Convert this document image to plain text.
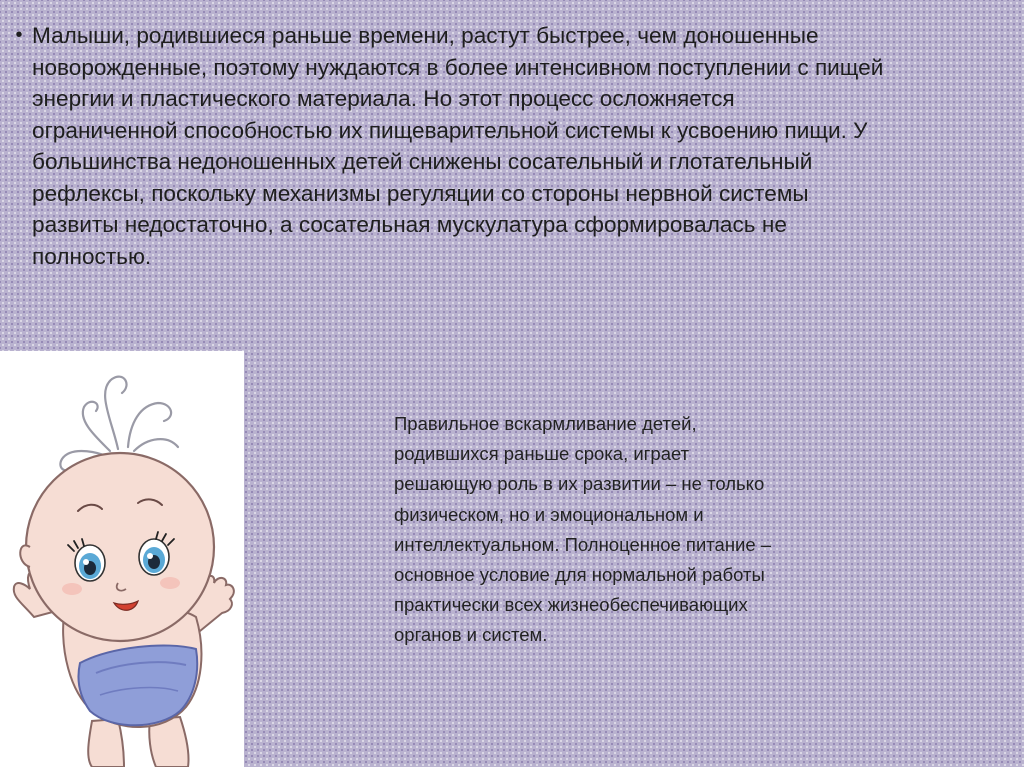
• Малыши, родившиеся раньше времени, растут быстрее, чем доношенные новорожденные, поэтому нуждаются в более интенсивном поступлении с пищей энергии и пластического материала. Но этот процесс осложняется ограниченной способностью их пищеварительной системы к усвоению пищи. У большинства недоношенных детей снижены сосательный и глотательный рефлексы, поскольку механизмы регуляции со стороны нервной системы развиты недостаточно, а сосательная мускулатура сформировалась не полностью.
Правильное вскармливание детей,
родившихся раньше срока, играет
решающую роль в их развитии – не только
физическом, но и эмоциональном и
интеллектуальном. Полноценное питание –
основное условие для нормальной работы
практически всех жизнеобеспечивающих
органов и систем.
